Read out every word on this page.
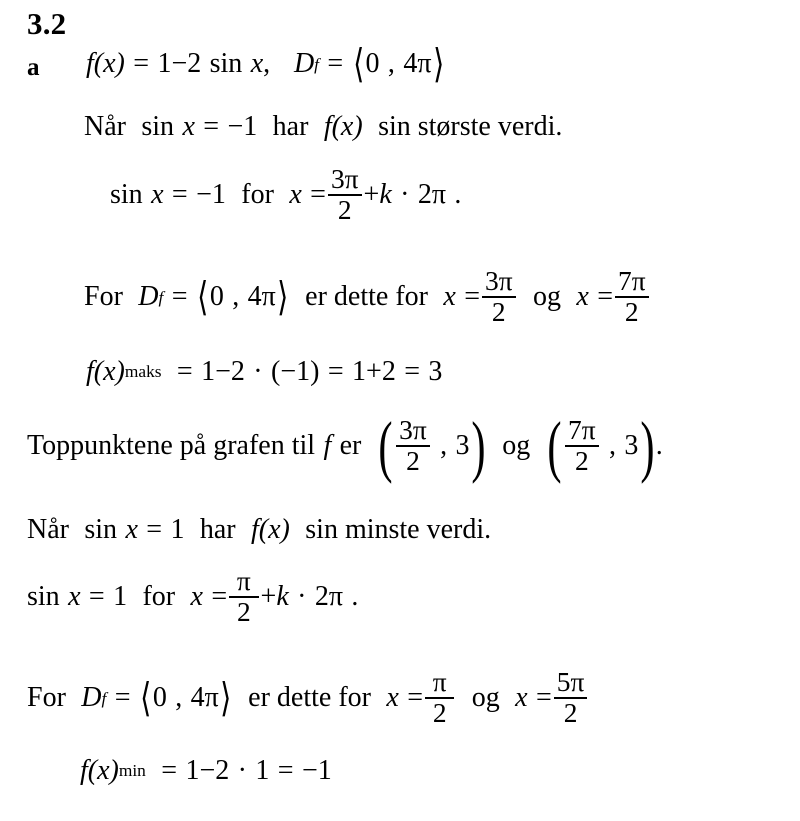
3.2
a f (x) = 1 − 2 sin x , D f = ⟨ 0 , 4π ⟩
Når sin x = −1 har f (x) sin største verdi.
sin x = −1 for $x = \frac{3\pi}{2} + k \cdot 2\pi$ .
For D f = ⟨ 0 , 4π ⟩ er dette for $x = \frac{3\pi}{2}$ og $x = \frac{7\pi}{2}$
f (x) maks = 1 − 2 · (−1) = 1 + 2 = 3
Toppunktene på grafen til f er ( $\frac{3\pi}{2}$ , 3 ) og ( $\frac{7\pi}{2}$ , 3 ) .
Når sin x = 1 har f (x) sin minste verdi.
sin x = 1 for $x = \frac{\pi}{2} + k \cdot 2\pi$ .
For D f = ⟨ 0 , 4π ⟩ er dette for $x = \frac{\pi}{2}$ og $x = \frac{5\pi}{2}$
f (x) min = 1 − 2 · 1 = −1
